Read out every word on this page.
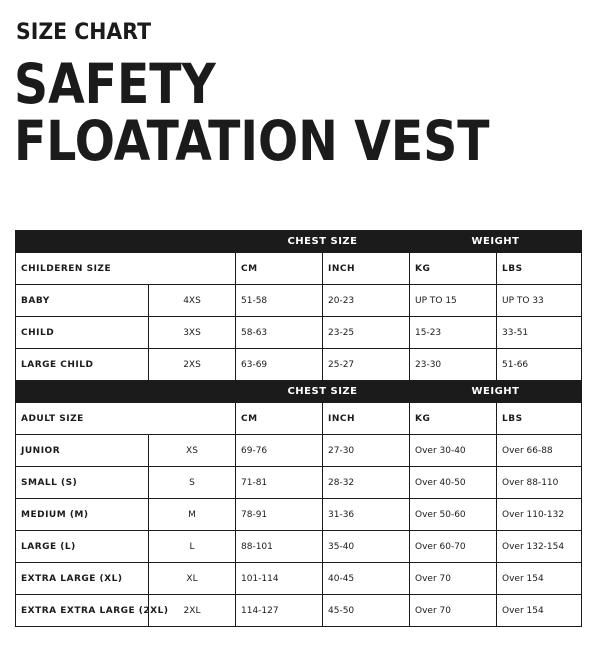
SIZE CHART
SAFETY
FLOATATION VEST
		CHEST SIZE		WEIGHT	
CHILDEREN SIZE		CM	INCH	KG	LBS
BABY	4XS	51-58	20-23	UP TO 15	UP TO 33
CHILD	3XS	58-63	23-25	15-23	33-51
LARGE CHILD	2XS	63-69	25-27	23-30	51-66
		CHEST SIZE		WEIGHT	
ADULT SIZE		CM	INCH	KG	LBS
JUNIOR	XS	69-76	27-30	Over 30-40	Over 66-88
SMALL (S)	S	71-81	28-32	Over 40-50	Over 88-110
MEDIUM (M)	M	78-91	31-36	Over 50-60	Over 110-132
LARGE (L)	L	88-101	35-40	Over 60-70	Over 132-154
EXTRA LARGE (XL)	XL	101-114	40-45	Over 70	Over 154
EXTRA EXTRA LARGE (2XL)	2XL	114-127	45-50	Over 70	Over 154
